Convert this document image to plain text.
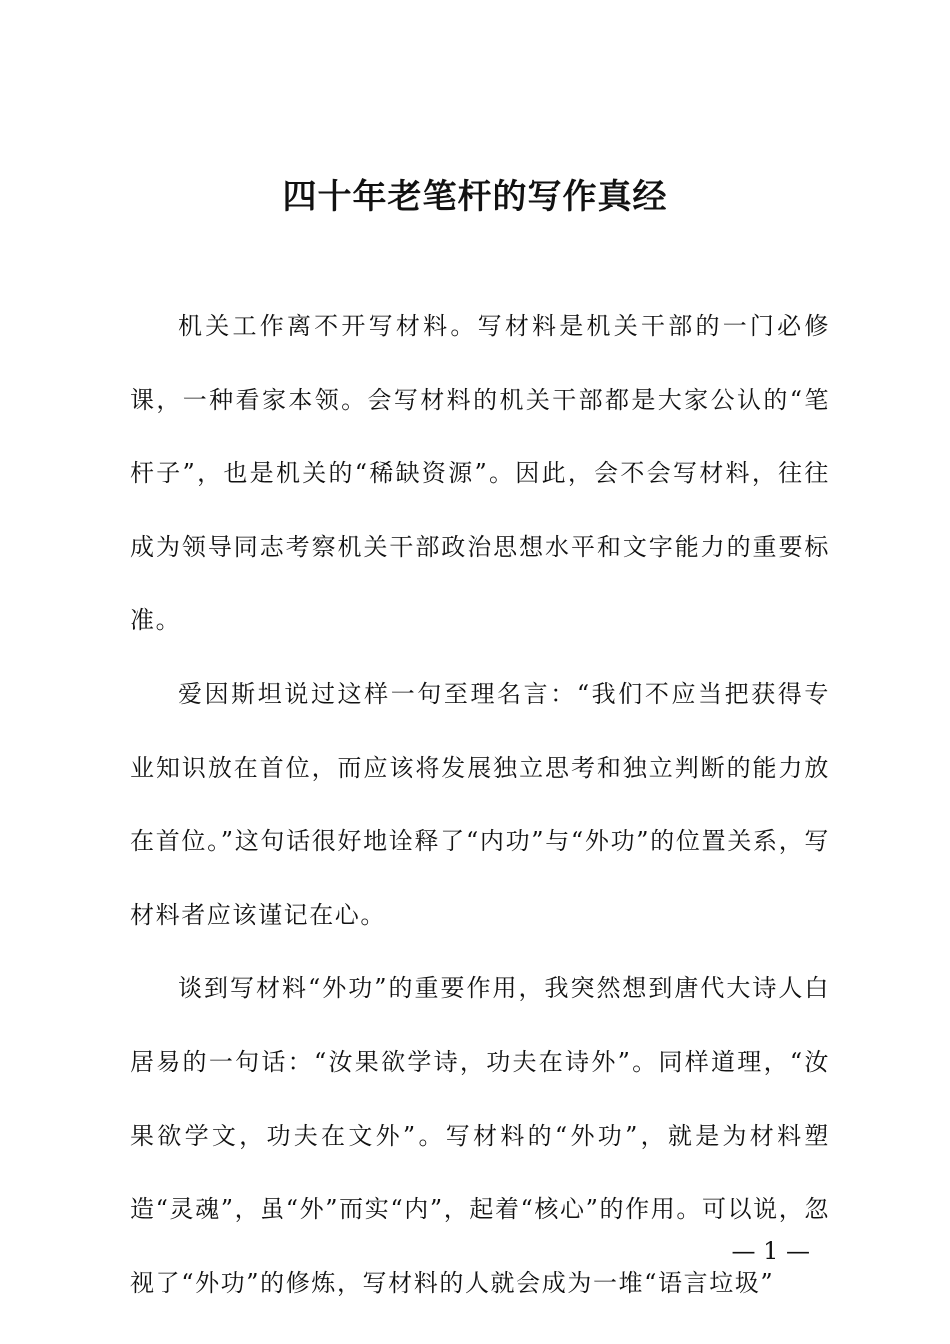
四十年老笔杆的写作真经

机关工作离不开写材料。写材料是机关干部的一门必修课，一种看家本领。会写材料的机关干部都是大家公认的“笔杆子”，也是机关的“稀缺资源”。因此，会不会写材料，往往成为领导同志考察机关干部政治思想水平和文字能力的重要标准。

爱因斯坦说过这样一句至理名言：“我们不应当把获得专业知识放在首位，而应该将发展独立思考和独立判断的能力放在首位。”这句话很好地诠释了“内功”与“外功”的位置关系，写材料者应该谨记在心。

谈到写材料“外功”的重要作用，我突然想到唐代大诗人白居易的一句话：“汝果欲学诗，功夫在诗外”。同样道理，“汝果欲学文，功夫在文外”。写材料的“外功”，就是为材料塑造“灵魂”，虽“外”而实“内”，起着“核心”的作用。可以说，忽视了“外功”的修炼，写材料的人就会成为一堆“语言垃圾”

— 1 —
